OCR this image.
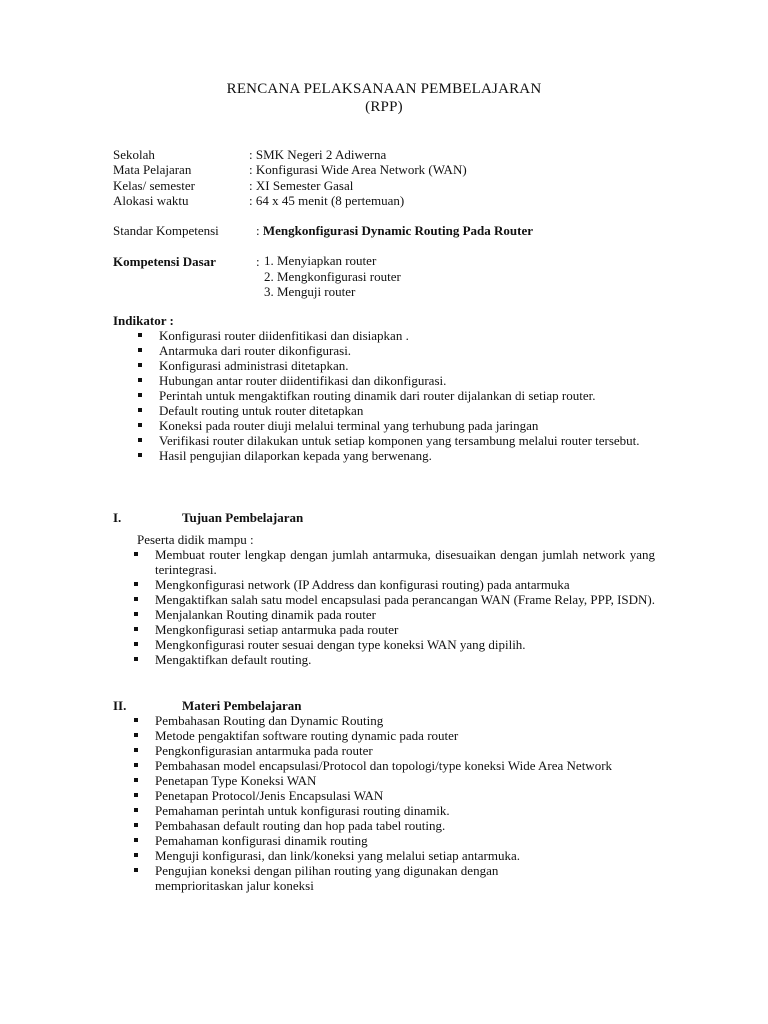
RENCANA PELAKSANAAN PEMBELAJARAN
(RPP)
Sekolah	: SMK Negeri 2 Adiwerna
Mata Pelajaran	: Konfigurasi Wide Area Network (WAN)
Kelas/ semester	: XI Semester Gasal
Alokasi waktu	: 64 x 45 menit (8 pertemuan)
Standar Kompetensi	: Mengkonfigurasi Dynamic Routing Pada Router
Kompetensi Dasar	: 1. Menyiapkan router
2. Mengkonfigurasi router
3. Menguji router
Indikator :
Konfigurasi router diidenfitikasi dan disiapkan .
Antarmuka dari router dikonfigurasi.
Konfigurasi administrasi ditetapkan.
Hubungan antar router diidentifikasi dan dikonfigurasi.
Perintah untuk mengaktifkan routing dinamik dari router dijalankan di setiap router.
Default routing untuk router ditetapkan
Koneksi pada router diuji melalui terminal yang terhubung pada jaringan
Verifikasi router dilakukan untuk setiap komponen yang tersambung melalui router tersebut.
Hasil pengujian dilaporkan kepada yang berwenang.
I.	Tujuan Pembelajaran
Peserta didik mampu :
Membuat router lengkap dengan jumlah antarmuka, disesuaikan dengan jumlah network yang terintegrasi.
Mengkonfigurasi network (IP Address dan konfigurasi routing) pada antarmuka
Mengaktifkan salah satu model encapsulasi pada perancangan WAN (Frame Relay, PPP, ISDN).
Menjalankan Routing dinamik pada router
Mengkonfigurasi setiap antarmuka pada router
Mengkonfigurasi router sesuai dengan type koneksi WAN yang dipilih.
Mengaktifkan default routing.
II.	Materi Pembelajaran
Pembahasan Routing dan Dynamic Routing
Metode pengaktifan software routing dynamic pada router
Pengkonfigurasian antarmuka pada router
Pembahasan model encapsulasi/Protocol dan topologi/type koneksi Wide Area Network
Penetapan Type Koneksi WAN
Penetapan Protocol/Jenis Encapsulasi WAN
Pemahaman perintah untuk konfigurasi routing dinamik.
Pembahasan default routing dan hop pada tabel routing.
Pemahaman konfigurasi dinamik routing
Menguji konfigurasi, dan link/koneksi yang melalui setiap antarmuka.
Pengujian koneksi dengan pilihan routing yang digunakan dengan memprioritaskan jalur koneksi
